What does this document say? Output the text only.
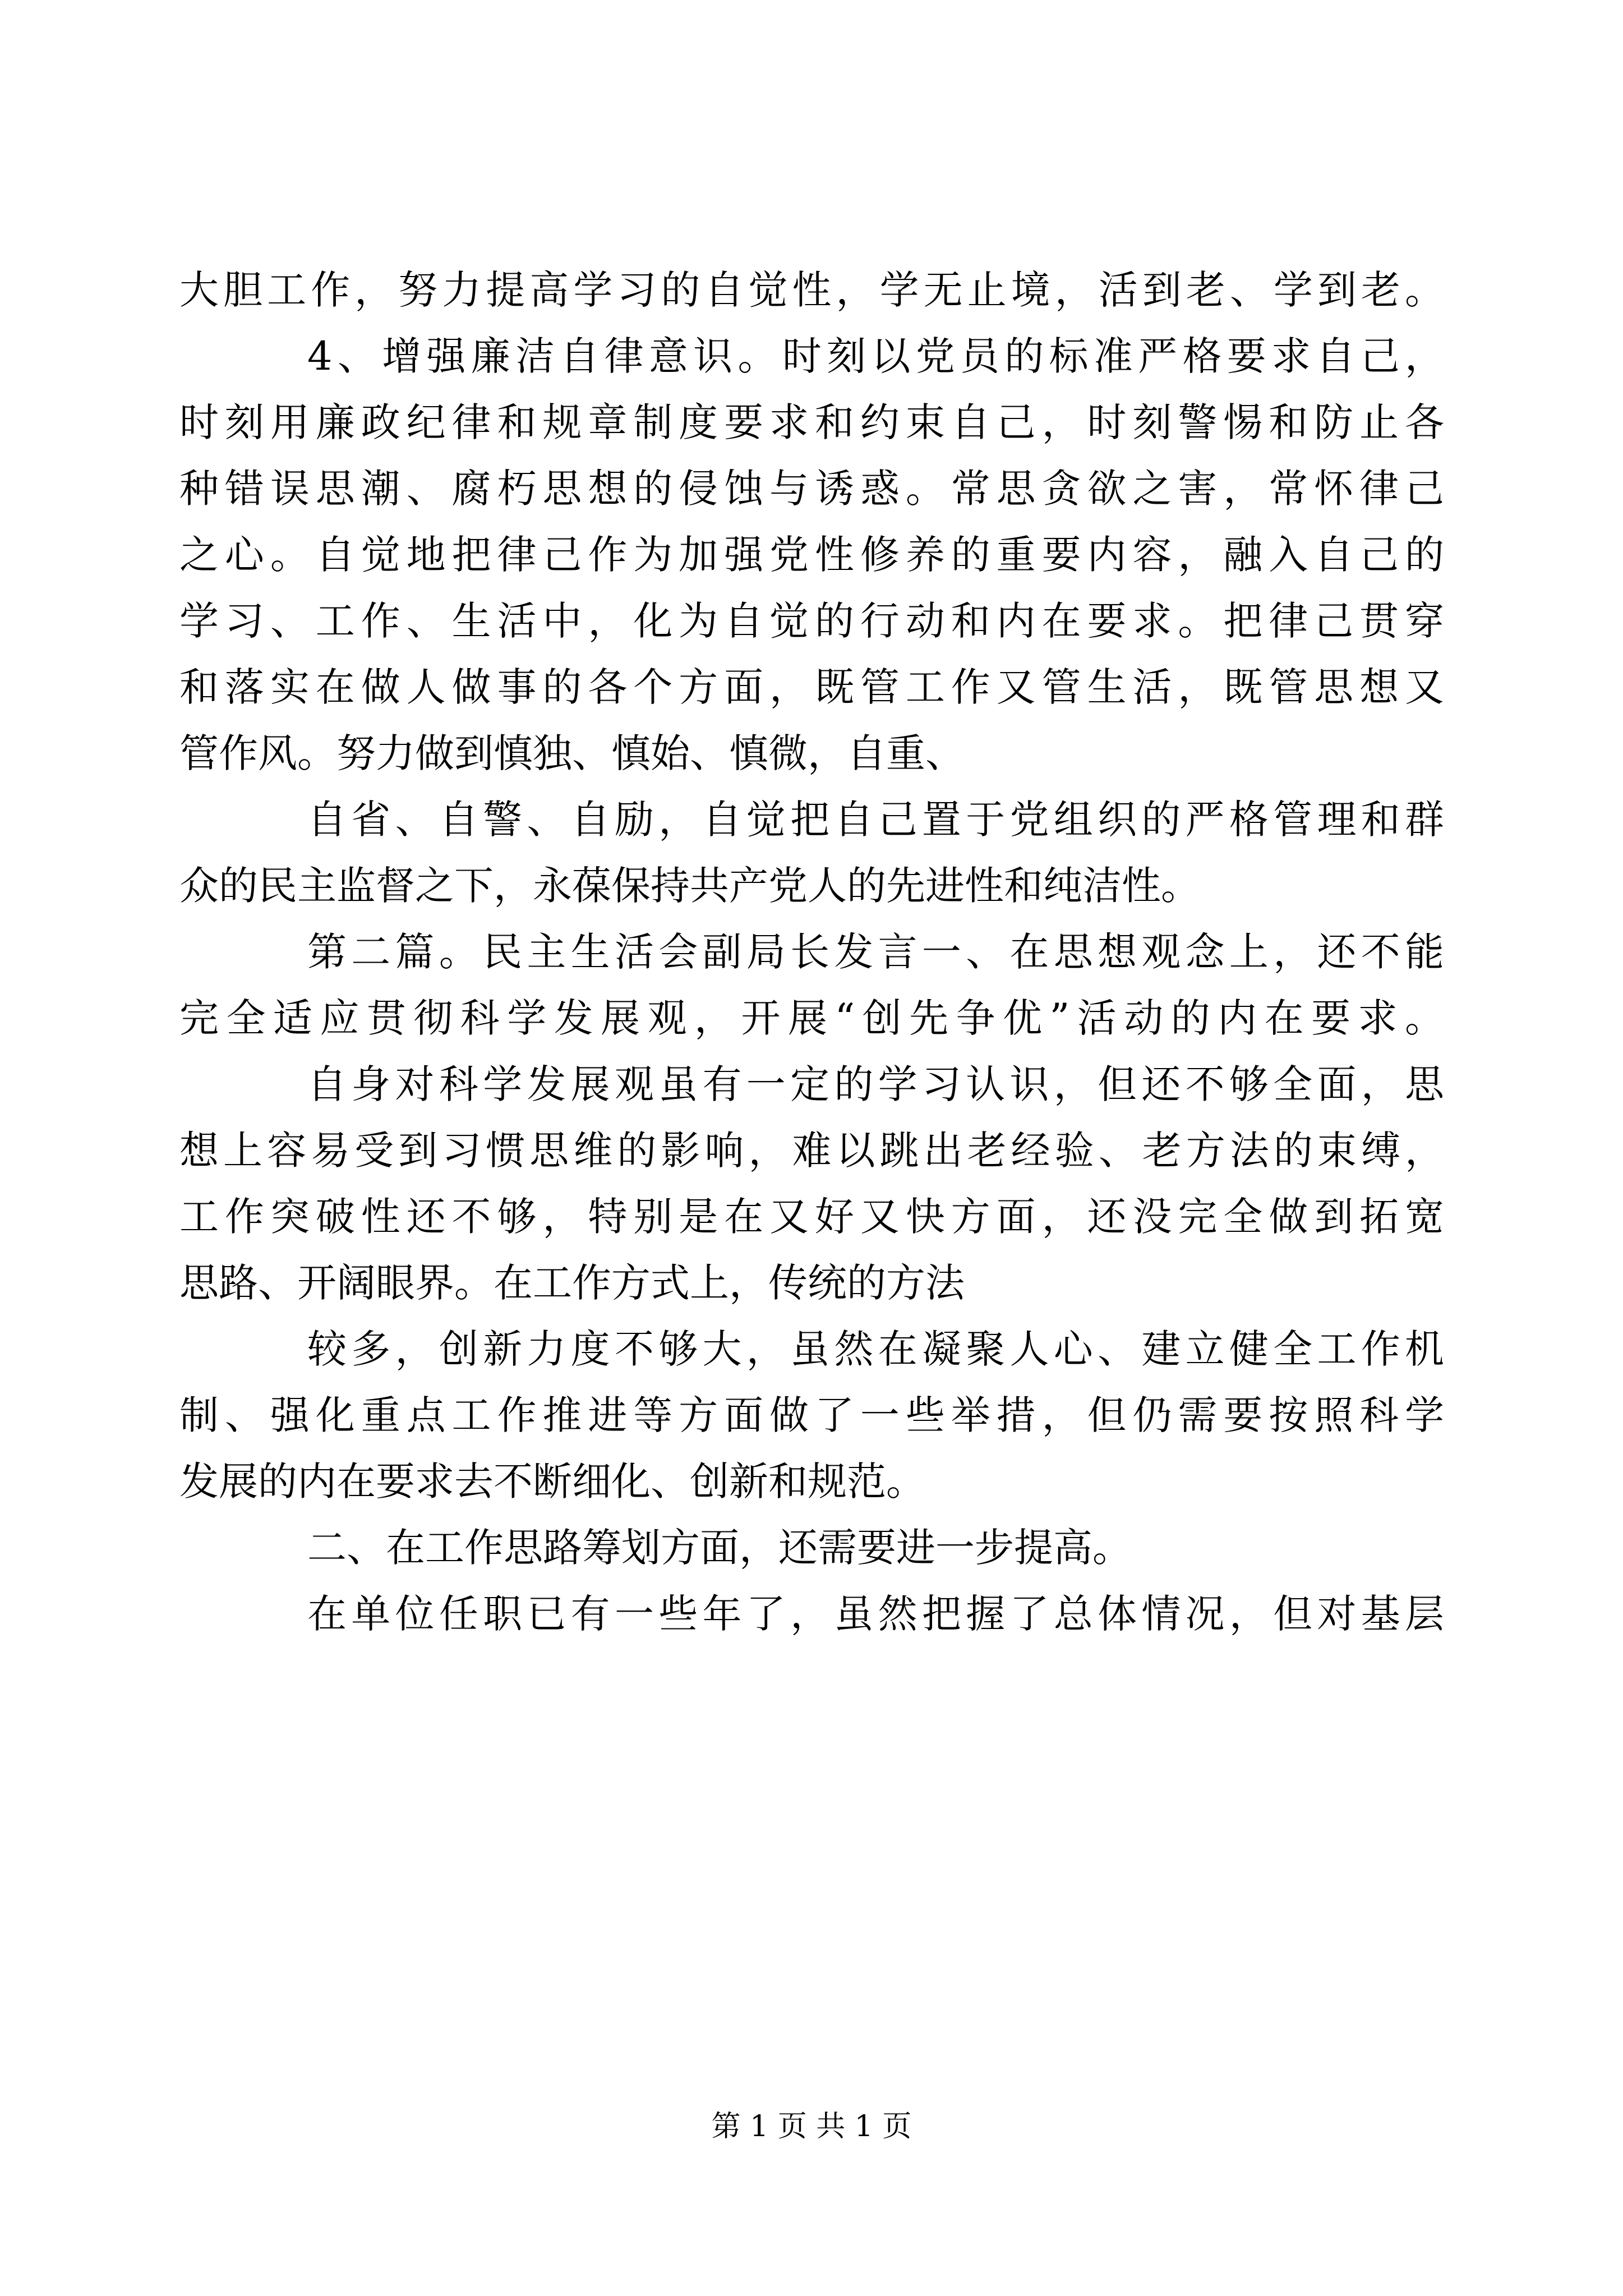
大胆工作，努力提高学习的自觉性，学无止境，活到老、学到老。
4、增强廉洁自律意识。时刻以党员的标准严格要求自己，
时刻用廉政纪律和规章制度要求和约束自己，时刻警惕和防止各
种错误思潮、腐朽思想的侵蚀与诱惑。常思贪欲之害，常怀律己
之心。自觉地把律己作为加强党性修养的重要内容，融入自己的
学习、工作、生活中，化为自觉的行动和内在要求。把律己贯穿
和落实在做人做事的各个方面，既管工作又管生活，既管思想又
管作风。努力做到慎独、慎始、慎微，自重、
自省、自警、自励，自觉把自己置于党组织的严格管理和群
众的民主监督之下，永葆保持共产党人的先进性和纯洁性。
第二篇。民主生活会副局长发言一、在思想观念上，还不能
完全适应贯彻科学发展观，开展“创先争优”活动的内在要求。
自身对科学发展观虽有一定的学习认识，但还不够全面，思
想上容易受到习惯思维的影响，难以跳出老经验、老方法的束缚，
工作突破性还不够，特别是在又好又快方面，还没完全做到拓宽
思路、开阔眼界。在工作方式上，传统的方法
较多，创新力度不够大，虽然在凝聚人心、建立健全工作机
制、强化重点工作推进等方面做了一些举措，但仍需要按照科学
发展的内在要求去不断细化、创新和规范。
二、在工作思路筹划方面，还需要进一步提高。
在单位任职已有一些年了，虽然把握了总体情况，但对基层
第 1 页 共 1 页
